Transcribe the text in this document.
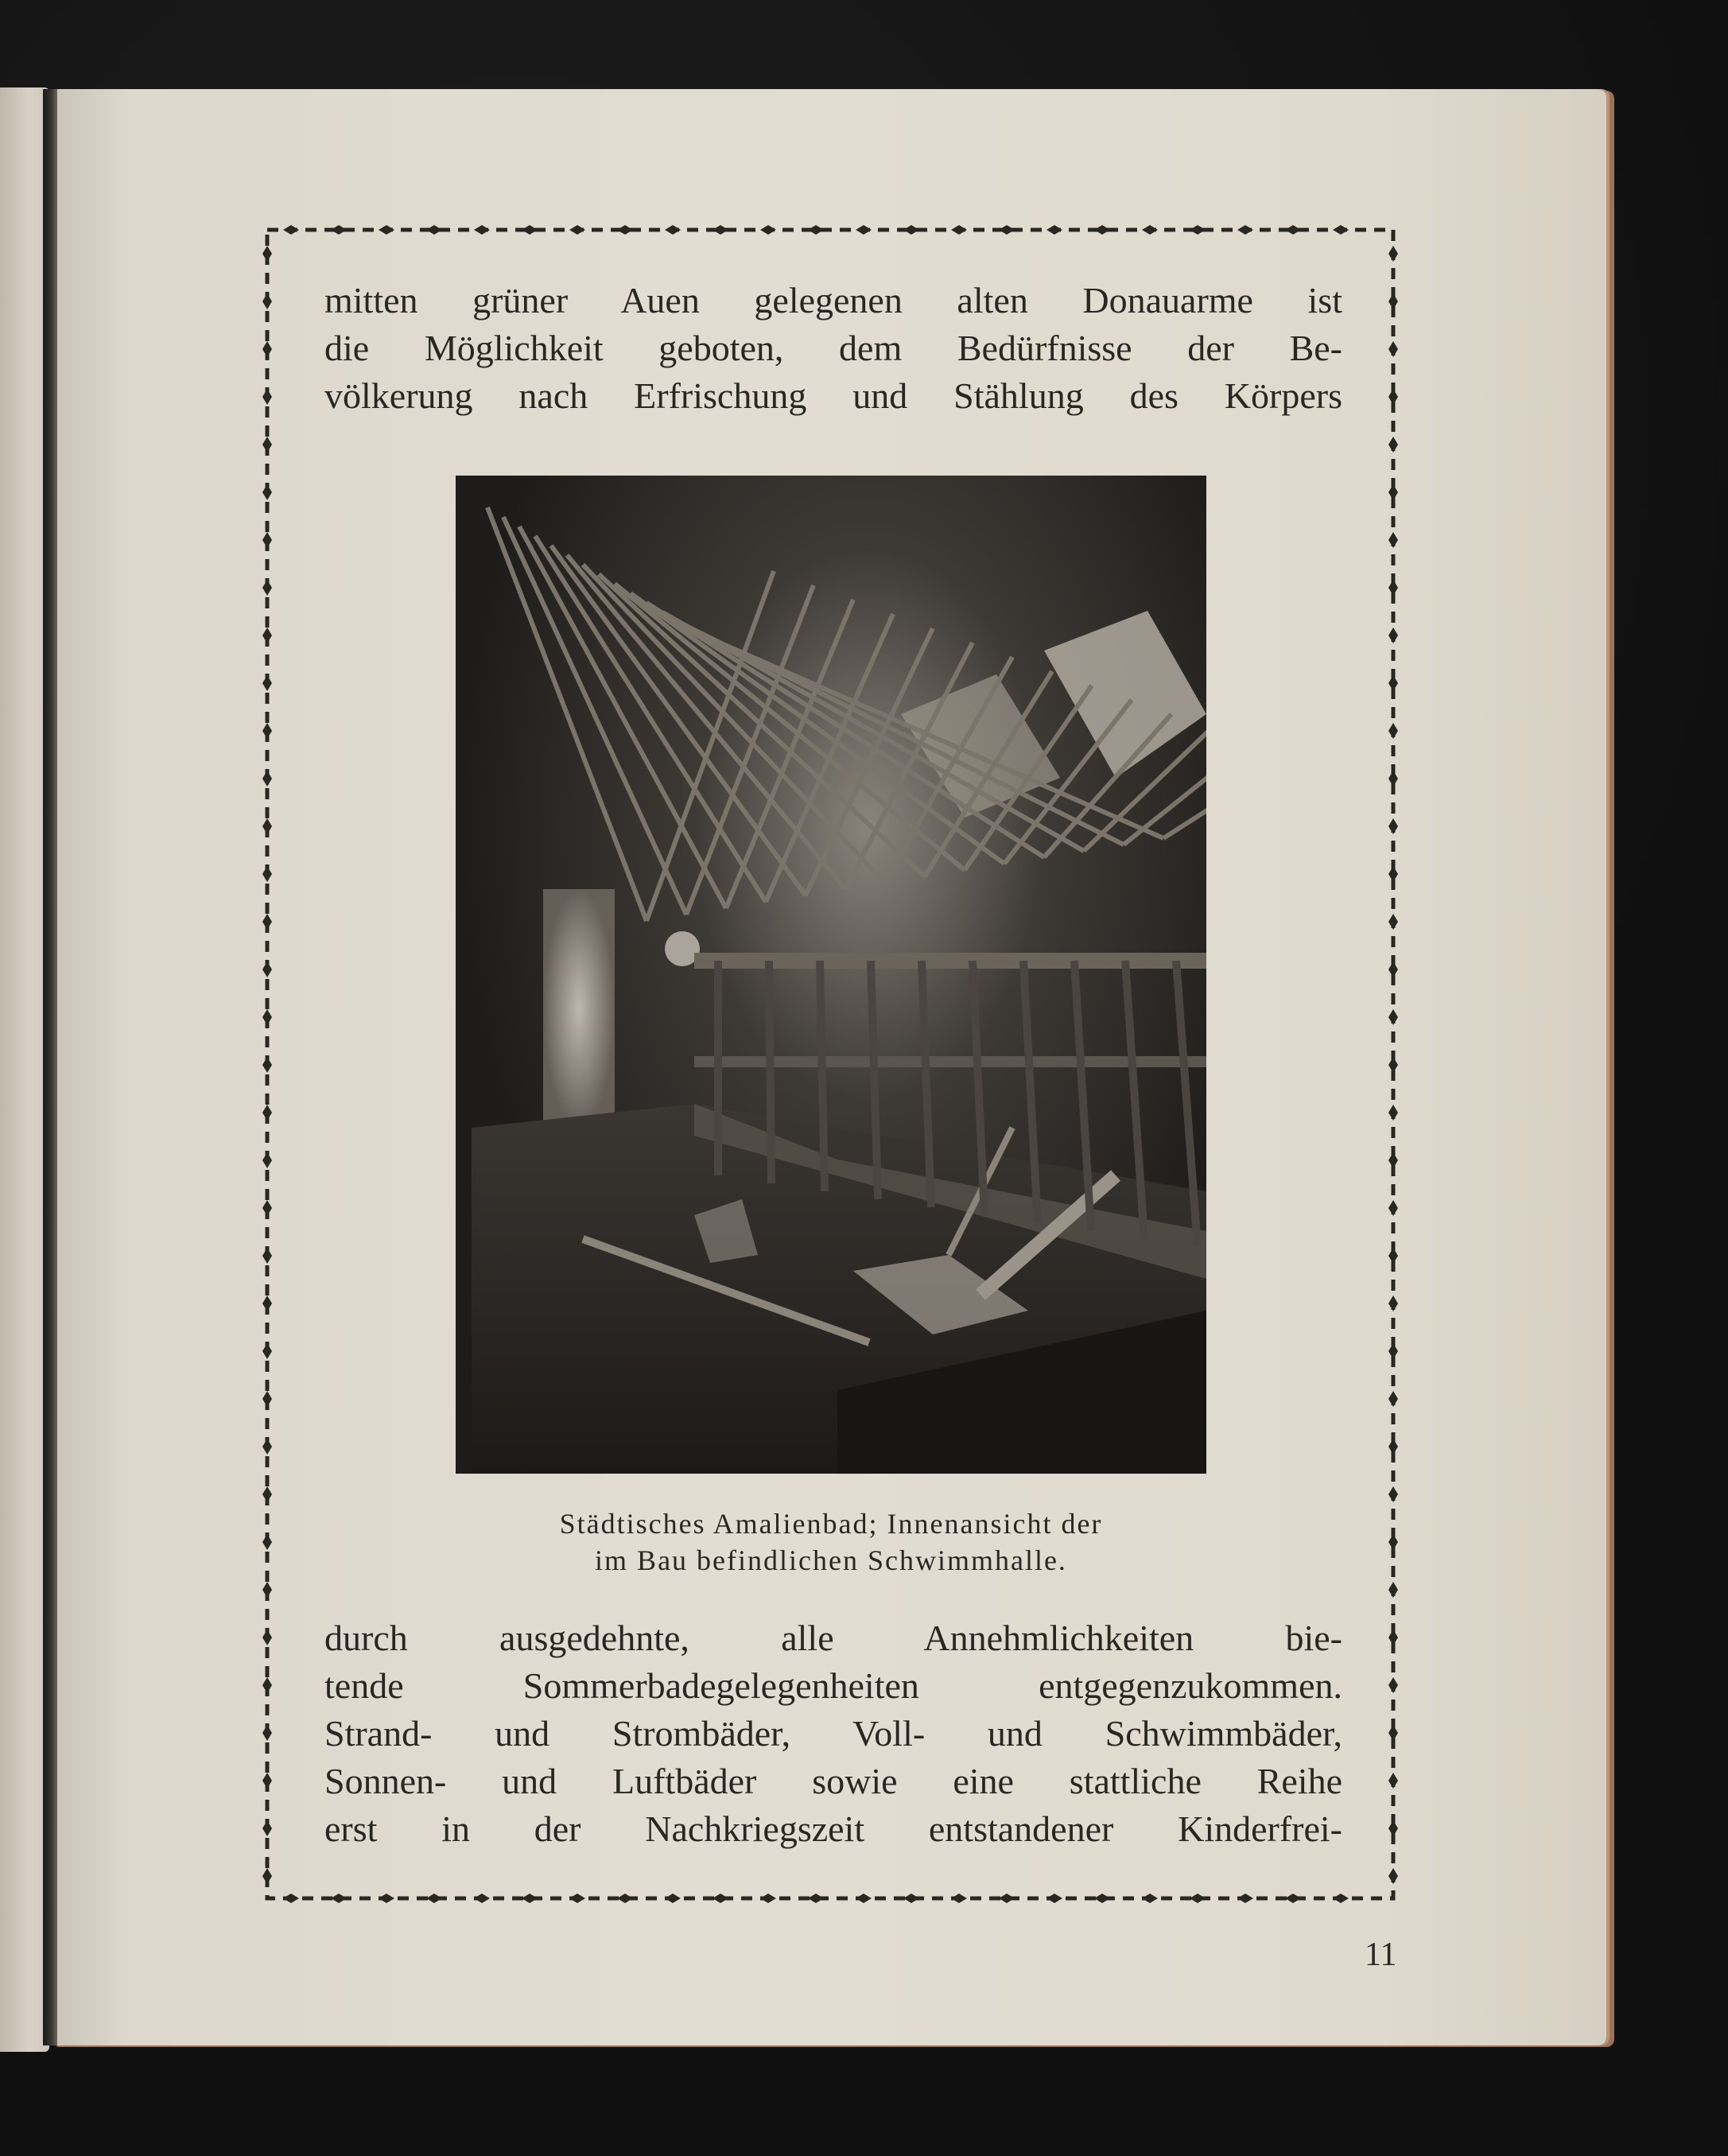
mitten grüner Auen gelegenen alten Donauarme ist
die Möglichkeit geboten, dem Bedürfnisse der Be-
völkerung nach Erfrischung und Stählung des Körpers

Städtisches Amalienbad; Innenansicht der
im Bau befindlichen Schwimmhalle.

durch ausgedehnte, alle Annehmlichkeiten bie-
tende Sommerbadegelegenheiten entgegenzukommen.
Strand- und Strombäder, Voll- und Schwimmbäder,
Sonnen- und Luftbäder sowie eine stattliche Reihe
erst in der Nachkriegszeit entstandener Kinderfrei-

11
